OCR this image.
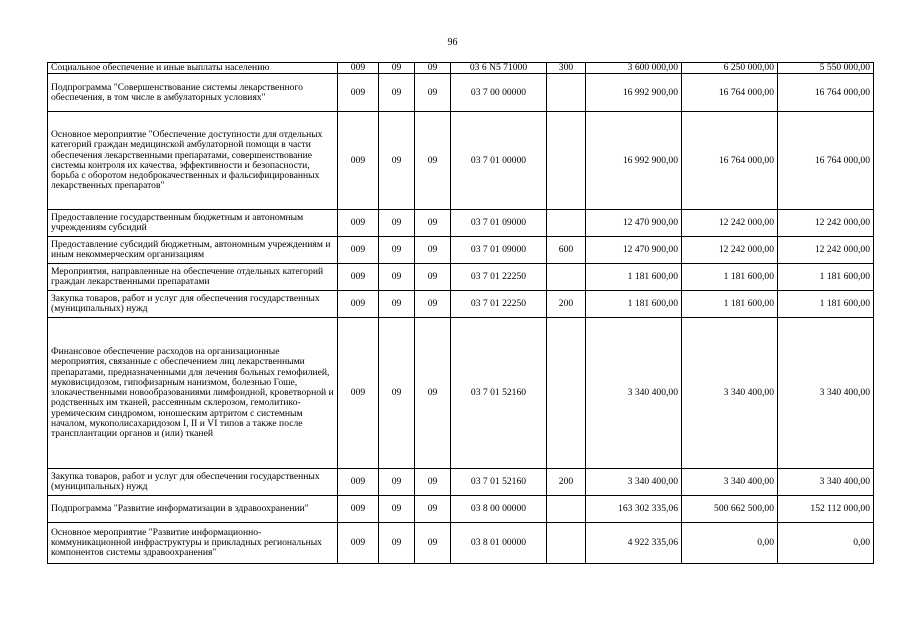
96
Социальное обеспечение и иные выплаты населению	009	09	09	03 6 N5 71000	300	3 600 000,00	6 250 000,00	5 550 000,00
Подпрограмма "Совершенствование системы лекарственного обеспечения, в том числе в амбулаторных условиях"	009	09	09	03 7 00 00000		16 992 900,00	16 764 000,00	16 764 000,00
Основное мероприятие "Обеспечение доступности для отдельных категорий граждан медицинской амбулаторной помощи в части обеспечения лекарственными препаратами, совершенствование системы контроля их качества, эффективности и безопасности, борьба с оборотом недоброкачественных и фальсифицированных лекарственных препаратов"	009	09	09	03 7 01 00000		16 992 900,00	16 764 000,00	16 764 000,00
Предоставление государственным бюджетным и автономным учреждениям субсидий	009	09	09	03 7 01 09000		12 470 900,00	12 242 000,00	12 242 000,00
Предоставление субсидий бюджетным, автономным учреждениям и иным некоммерческим организациям	009	09	09	03 7 01 09000	600	12 470 900,00	12 242 000,00	12 242 000,00
Мероприятия, направленные на обеспечение отдельных категорий граждан лекарственными препаратами	009	09	09	03 7 01 22250		1 181 600,00	1 181 600,00	1 181 600,00
Закупка товаров, работ и услуг для обеспечения государственных (муниципальных) нужд	009	09	09	03 7 01 22250	200	1 181 600,00	1 181 600,00	1 181 600,00
Финансовое обеспечение расходов на организационные мероприятия, связанные с обеспечением лиц лекарственными препаратами, предназначенными для лечения больных гемофилией, муковисцидозом, гипофизарным нанизмом, болезнью Гоше, злокачественными новообразованиями лимфоидной, кроветворной и родственных им тканей, рассеянным склерозом, гемолитико-уремическим синдромом, юношеским артритом с системным началом, мукополисахаридозом I, II и VI типов а также после трансплантации органов и (или) тканей	009	09	09	03 7 01 52160		3 340 400,00	3 340 400,00	3 340 400,00
Закупка товаров, работ и услуг для обеспечения государственных (муниципальных) нужд	009	09	09	03 7 01 52160	200	3 340 400,00	3 340 400,00	3 340 400,00
Подпрограмма "Развитие информатизации в здравоохранении"	009	09	09	03 8 00 00000		163 302 335,06	500 662 500,00	152 112 000,00
Основное мероприятие "Развитие информационно-коммуникационной инфраструктуры и прикладных региональных компонентов системы здравоохранения"	009	09	09	03 8 01 00000		4 922 335,06	0,00	0,00
